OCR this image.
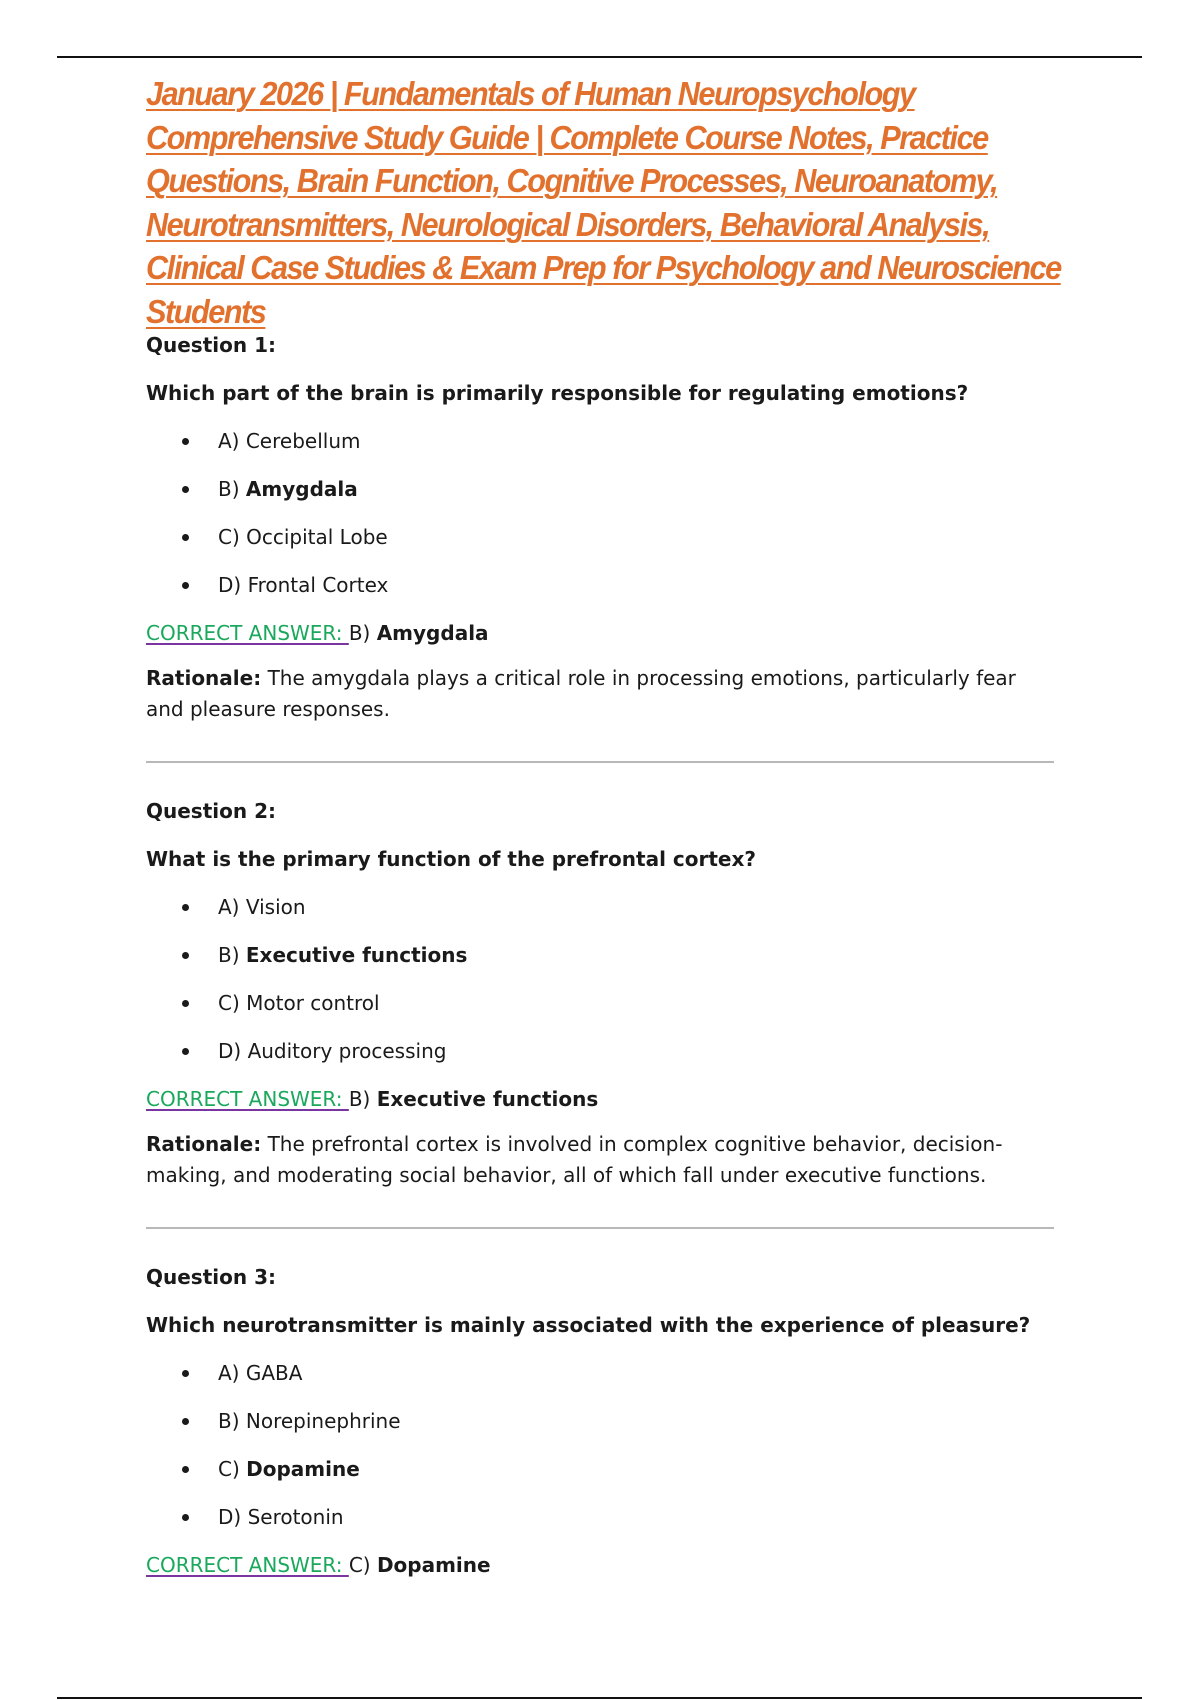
January 2026 | Fundamentals of Human Neuropsychology Comprehensive Study Guide | Complete Course Notes, Practice Questions, Brain Function, Cognitive Processes, Neuroanatomy, Neurotransmitters, Neurological Disorders, Behavioral Analysis, Clinical Case Studies & Exam Prep for Psychology and Neuroscience Students

Question 1:

Which part of the brain is primarily responsible for regulating emotions?

A) Cerebellum
B) Amygdala
C) Occipital Lobe
D) Frontal Cortex

CORRECT ANSWER: B) Amygdala

Rationale: The amygdala plays a critical role in processing emotions, particularly fear and pleasure responses.

Question 2:

What is the primary function of the prefrontal cortex?

A) Vision
B) Executive functions
C) Motor control
D) Auditory processing

CORRECT ANSWER: B) Executive functions

Rationale: The prefrontal cortex is involved in complex cognitive behavior, decision-making, and moderating social behavior, all of which fall under executive functions.

Question 3:

Which neurotransmitter is mainly associated with the experience of pleasure?

A) GABA
B) Norepinephrine
C) Dopamine
D) Serotonin

CORRECT ANSWER: C) Dopamine
